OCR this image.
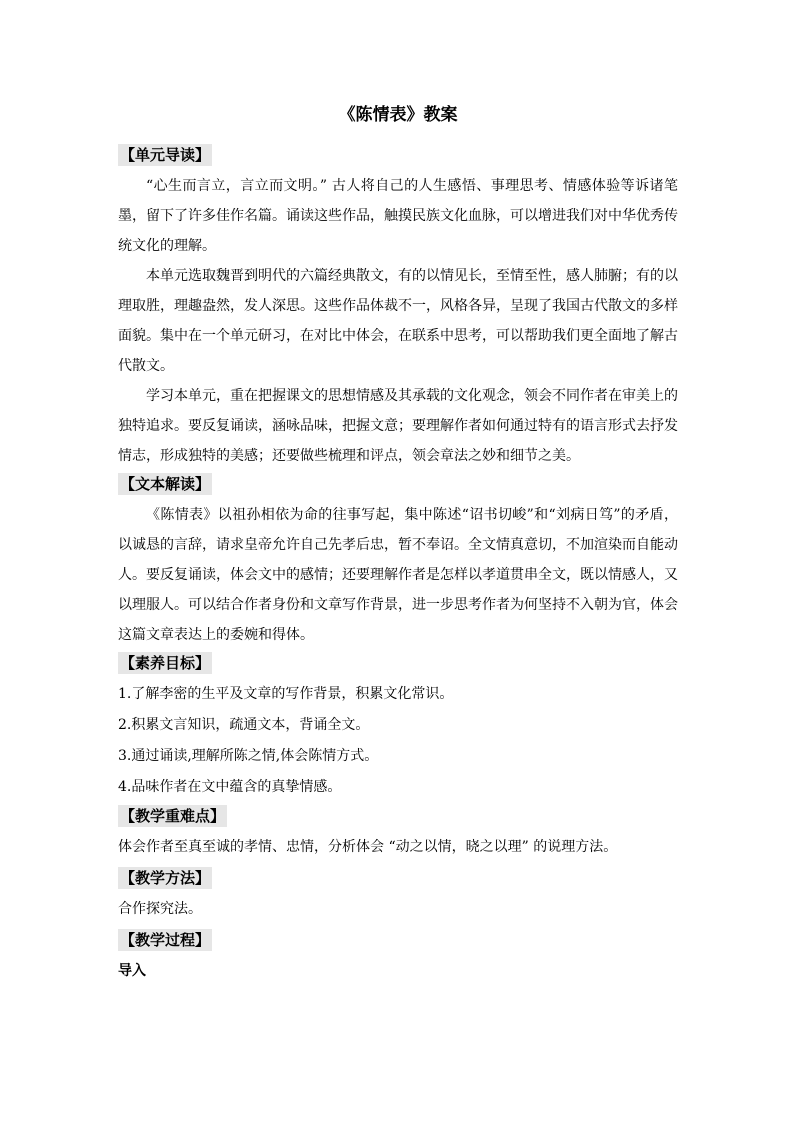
《陈情表》教案
【单元导读】

“心生而言立，言立而文明。” 古人将自己的人生感悟、事理思考、情感体验等诉诸笔墨，留下了许多佳作名篇。诵读这些作品，触摸民族文化血脉，可以增进我们对中华优秀传统文化的理解。

本单元选取魏晋到明代的六篇经典散文，有的以情见长，至情至性，感人肺腑；有的以理取胜，理趣盎然，发人深思。这些作品体裁不一，风格各异，呈现了我国古代散文的多样面貌。集中在一个单元研习，在对比中体会，在联系中思考，可以帮助我们更全面地了解古代散文。

学习本单元，重在把握课文的思想情感及其承载的文化观念，领会不同作者在审美上的独特追求。要反复诵读，涵咏品味，把握文意；要理解作者如何通过特有的语言形式去抒发情志，形成独特的美感；还要做些梳理和评点，领会章法之妙和细节之美。

【文本解读】

《陈情表》以祖孙相依为命的往事写起，集中陈述“诏书切峻”和“刘病日笃”的矛盾，以诚恳的言辞，请求皇帝允许自己先孝后忠，暂不奉诏。全文情真意切，不加渲染而自能动人。要反复诵读，体会文中的感情；还要理解作者是怎样以孝道贯串全文，既以情感人，又以理服人。可以结合作者身份和文章写作背景，进一步思考作者为何坚持不入朝为官，体会这篇文章表达上的委婉和得体。

【素养目标】

1.了解李密的生平及文章的写作背景，积累文化常识。

2.积累文言知识，疏通文本，背诵全文。

3.通过诵读,理解所陈之情,体会陈情方式。

4.品味作者在文中蕴含的真挚情感。

【教学重难点】

体会作者至真至诚的孝情、忠情，分析体会 “动之以情，晓之以理” 的说理方法。

【教学方法】

合作探究法。

【教学过程】

导入
